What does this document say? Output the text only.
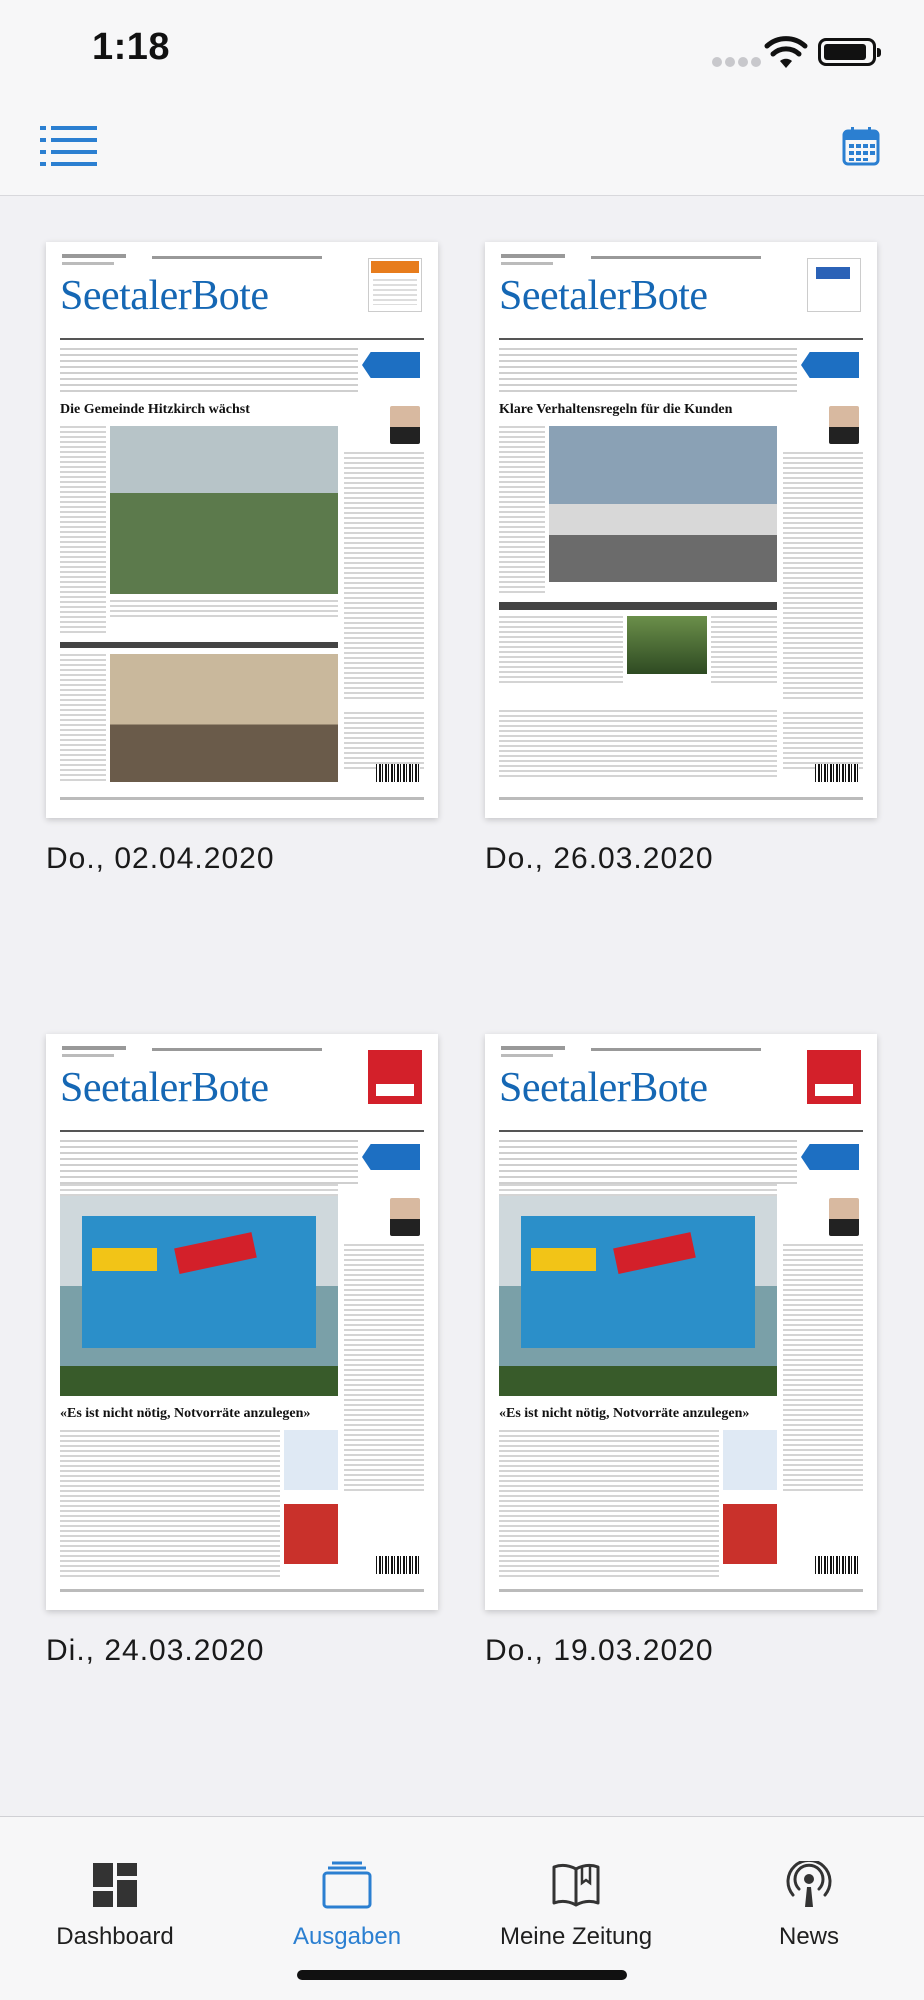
1:18
SeetalerBote
Die Gemeinde Hitzkirch wächst
Do., 02.04.2020
SeetalerBote
Klare Verhaltensregeln für die Kunden
Do., 26.03.2020
SeetalerBote
«Es ist nicht nötig, Notvorräte anzulegen»
Di., 24.03.2020
SeetalerBote
«Es ist nicht nötig, Notvorräte anzulegen»
Do., 19.03.2020
Dashboard	Ausgaben	Meine Zeitung	News
